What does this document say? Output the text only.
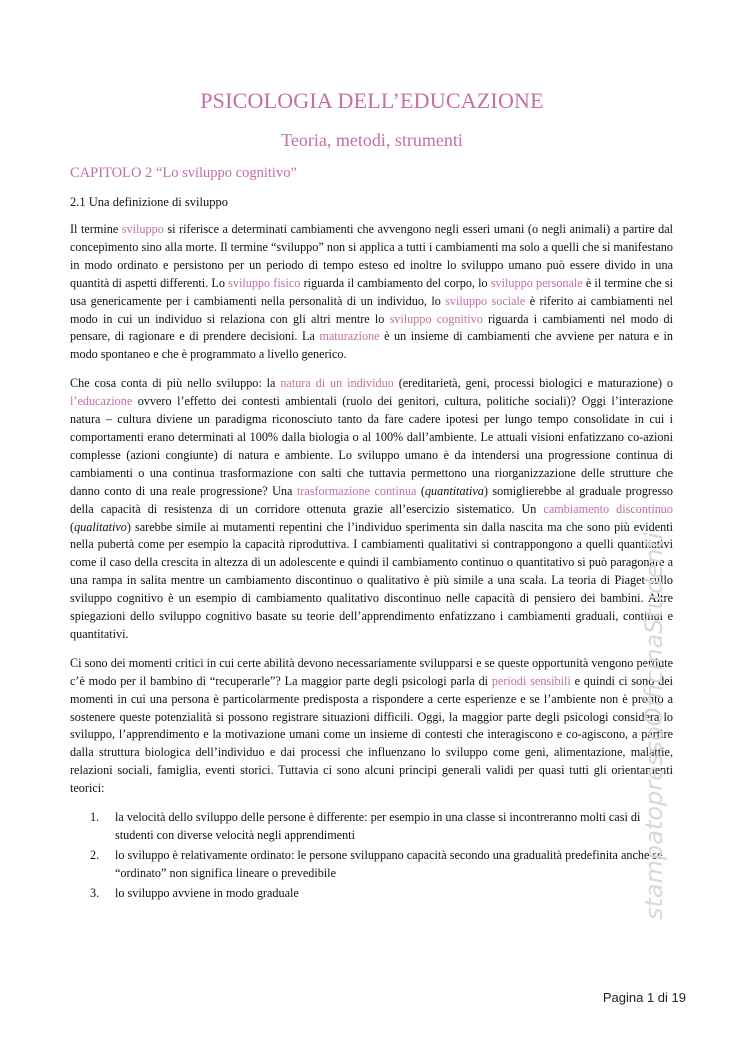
PSICOLOGIA DELL’EDUCAZIONE
Teoria, metodi, strumenti
CAPITOLO 2 “Lo sviluppo cognitivo”
2.1 Una definizione di sviluppo

Il termine sviluppo si riferisce a determinati cambiamenti che avvengono negli esseri umani (o negli animali) a partire dal concepimento sino alla morte. Il termine “sviluppo” non si applica a tutti i cambiamenti ma solo a quelli che si manifestano in modo ordinato e persistono per un periodo di tempo esteso ed inoltre lo sviluppo umano può essere divido in una quantità di aspetti differenti. Lo sviluppo fisico riguarda il cambiamento del corpo, lo sviluppo personale è il termine che si usa genericamente per i cambiamenti nella personalità di un individuo, lo sviluppo sociale è riferito ai cambiamenti nel modo in cui un individuo si relaziona con gli altri mentre lo sviluppo cognitivo riguarda i cambiamenti nel modo di pensare, di ragionare e di prendere decisioni. La maturazione è un insieme di cambiamenti che avviene per natura e in modo spontaneo e che è programmato a livello generico.

Che cosa conta di più nello sviluppo: la natura di un individuo (ereditarietà, geni, processi biologici e maturazione) o l’educazione ovvero l’effetto dei contesti ambientali (ruolo dei genitori, cultura, politiche sociali)? Oggi l’interazione natura – cultura diviene un paradigma riconosciuto tanto da fare cadere ipotesi per lungo tempo consolidate in cui i comportamenti erano determinati al 100% dalla biologia o al 100% dall’ambiente. Le attuali visioni enfatizzano co-azioni complesse (azioni congiunte) di natura e ambiente. Lo sviluppo umano è da intendersi una progressione continua di cambiamenti o una continua trasformazione con salti che tuttavia permettono una riorganizzazione delle strutture che danno conto di una reale progressione? Una trasformazione continua (quantitativa) somiglierebbe al graduale progresso della capacità di resistenza di un corridore ottenuta grazie all’esercizio sistematico. Un cambiamento discontinuo (qualitativo) sarebbe simile ai mutamenti repentini che l’individuo sperimenta sin dalla nascita ma che sono più evidenti nella pubertà come per esempio la capacità riproduttiva. I cambiamenti qualitativi si contrappongono a quelli quantitativi come il caso della crescita in altezza di un adolescente e quindi il cambiamento continuo o quantitativo si può paragonare a una rampa in salita mentre un cambiamento discontinuo o qualitativo è più simile a una scala. La teoria di Piaget sullo sviluppo cognitivo è un esempio di cambiamento qualitativo discontinuo nelle capacità di pensiero dei bambini. Altre spiegazioni dello sviluppo cognitivo basate su teorie dell’apprendimento enfatizzano i cambiamenti graduali, continui e quantitativi.

Ci sono dei momenti critici in cui certe abilità devono necessariamente svilupparsi e se queste opportunità vengono perdute c’è modo per il bambino di “recuperarle”? La maggior parte degli psicologi parla di periodi sensibili e quindi ci sono dei momenti in cui una persona è particolarmente predisposta a rispondere a certe esperienze e se l’ambiente non è pronto a sostenere queste potenzialità si possono registrare situazioni difficili. Oggi, la maggior parte degli psicologi considera lo sviluppo, l’apprendimento e la motivazione umani come un insieme di contesti che interagiscono e co-agiscono, a partire dalla struttura biologica dell’individuo e dai processi che influenzano lo sviluppo come geni, alimentazione, malattie, relazioni sociali, famiglia, eventi storici. Tuttavia ci sono alcuni principi generali validi per quasi tutti gli orientamenti teorici:

1. la velocità dello sviluppo delle persone è differente: per esempio in una classe si incontreranno molti casi di studenti con diverse velocità negli apprendimenti
2. lo sviluppo è relativamente ordinato: le persone sviluppano capacità secondo una gradualità predefinita anche se “ordinato” non significa lineare o prevedibile
3. lo sviluppo avviene in modo graduale	stampatopressoOfficinaStudenti
Pagina 1 di 19
